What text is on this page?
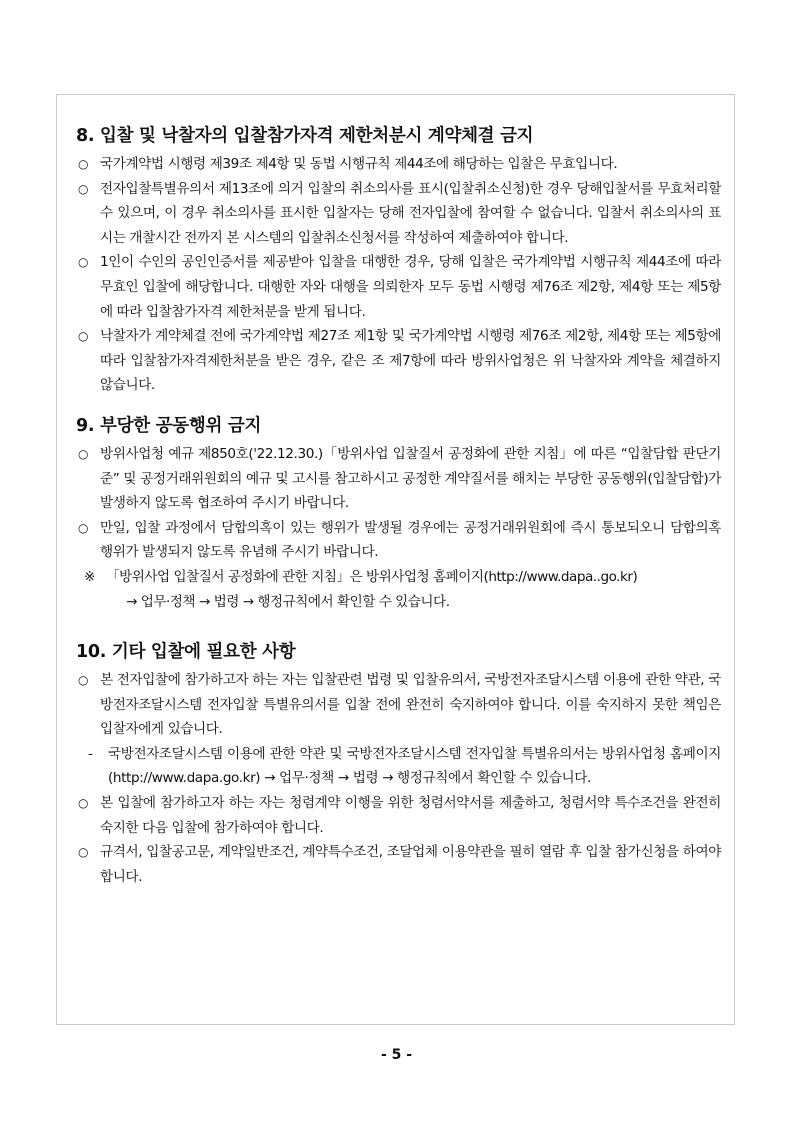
8. 입찰 및 낙찰자의 입찰참가자격 제한처분시 계약체결 금지
○ 국가계약법 시행령 제39조 제4항 및 동법 시행규칙 제44조에 해당하는 입찰은 무효입니다.
○ 전자입찰특별유의서 제13조에 의거 입찰의 취소의사를 표시(입찰취소신청)한 경우 당해입찰서를 무효처리할 수 있으며, 이 경우 취소의사를 표시한 입찰자는 당해 전자입찰에 참여할 수 없습니다. 입찰서 취소의사의 표시는 개찰시간 전까지 본 시스템의 입찰취소신청서를 작성하여 제출하여야 합니다.
○ 1인이 수인의 공인인증서를 제공받아 입찰을 대행한 경우, 당해 입찰은 국가계약법 시행규칙 제44조에 따라 무효인 입찰에 해당합니다. 대행한 자와 대행을 의뢰한자 모두 동법 시행령 제76조 제2항, 제4항 또는 제5항에 따라 입찰참가자격 제한처분을 받게 됩니다.
○ 낙찰자가 계약체결 전에 국가계약법 제27조 제1항 및 국가계약법 시행령 제76조 제2항, 제4항 또는 제5항에 따라 입찰참가자격제한처분을 받은 경우, 같은 조 제7항에 따라 방위사업청은 위 낙찰자와 계약을 체결하지 않습니다.
9. 부당한 공동행위 금지
○ 방위사업청 예규 제850호('22.12.30.)「방위사업 입찰질서 공정화에 관한 지침」에 따른 “입찰담합 판단기준” 및 공정거래위원회의 예규 및 고시를 참고하시고 공정한 계약질서를 해치는 부당한 공동행위(입찰담합)가 발생하지 않도록 협조하여 주시기 바랍니다.
○ 만일, 입찰 과정에서 담합의혹이 있는 행위가 발생될 경우에는 공정거래위원회에 즉시 통보되오니 담합의혹 행위가 발생되지 않도록 유념해 주시기 바랍니다.
※ 「방위사업 입찰질서 공정화에 관한 지침」은 방위사업청 홈페이지(http://www.dapa..go.kr)
→ 업무·정책 → 법령 → 행정규칙에서 확인할 수 있습니다.
10. 기타 입찰에 필요한 사항
○ 본 전자입찰에 참가하고자 하는 자는 입찰관련 법령 및 입찰유의서, 국방전자조달시스템 이용에 관한 약관, 국방전자조달시스템 전자입찰 특별유의서를 입찰 전에 완전히 숙지하여야 합니다. 이를 숙지하지 못한 책임은 입찰자에게 있습니다.
- 국방전자조달시스템 이용에 관한 약관 및 국방전자조달시스템 전자입찰 특별유의서는 방위사업청 홈페이지(http://www.dapa.go.kr) → 업무·정책 → 법령 → 행정규칙에서 확인할 수 있습니다.
○ 본 입찰에 참가하고자 하는 자는 청렴계약 이행을 위한 청렴서약서를 제출하고, 청렴서약 특수조건을 완전히 숙지한 다음 입찰에 참가하여야 합니다.
○ 규격서, 입찰공고문, 계약일반조건, 계약특수조건, 조달업체 이용약관을 필히 열람 후 입찰 참가신청을 하여야 합니다.
- 5 -
